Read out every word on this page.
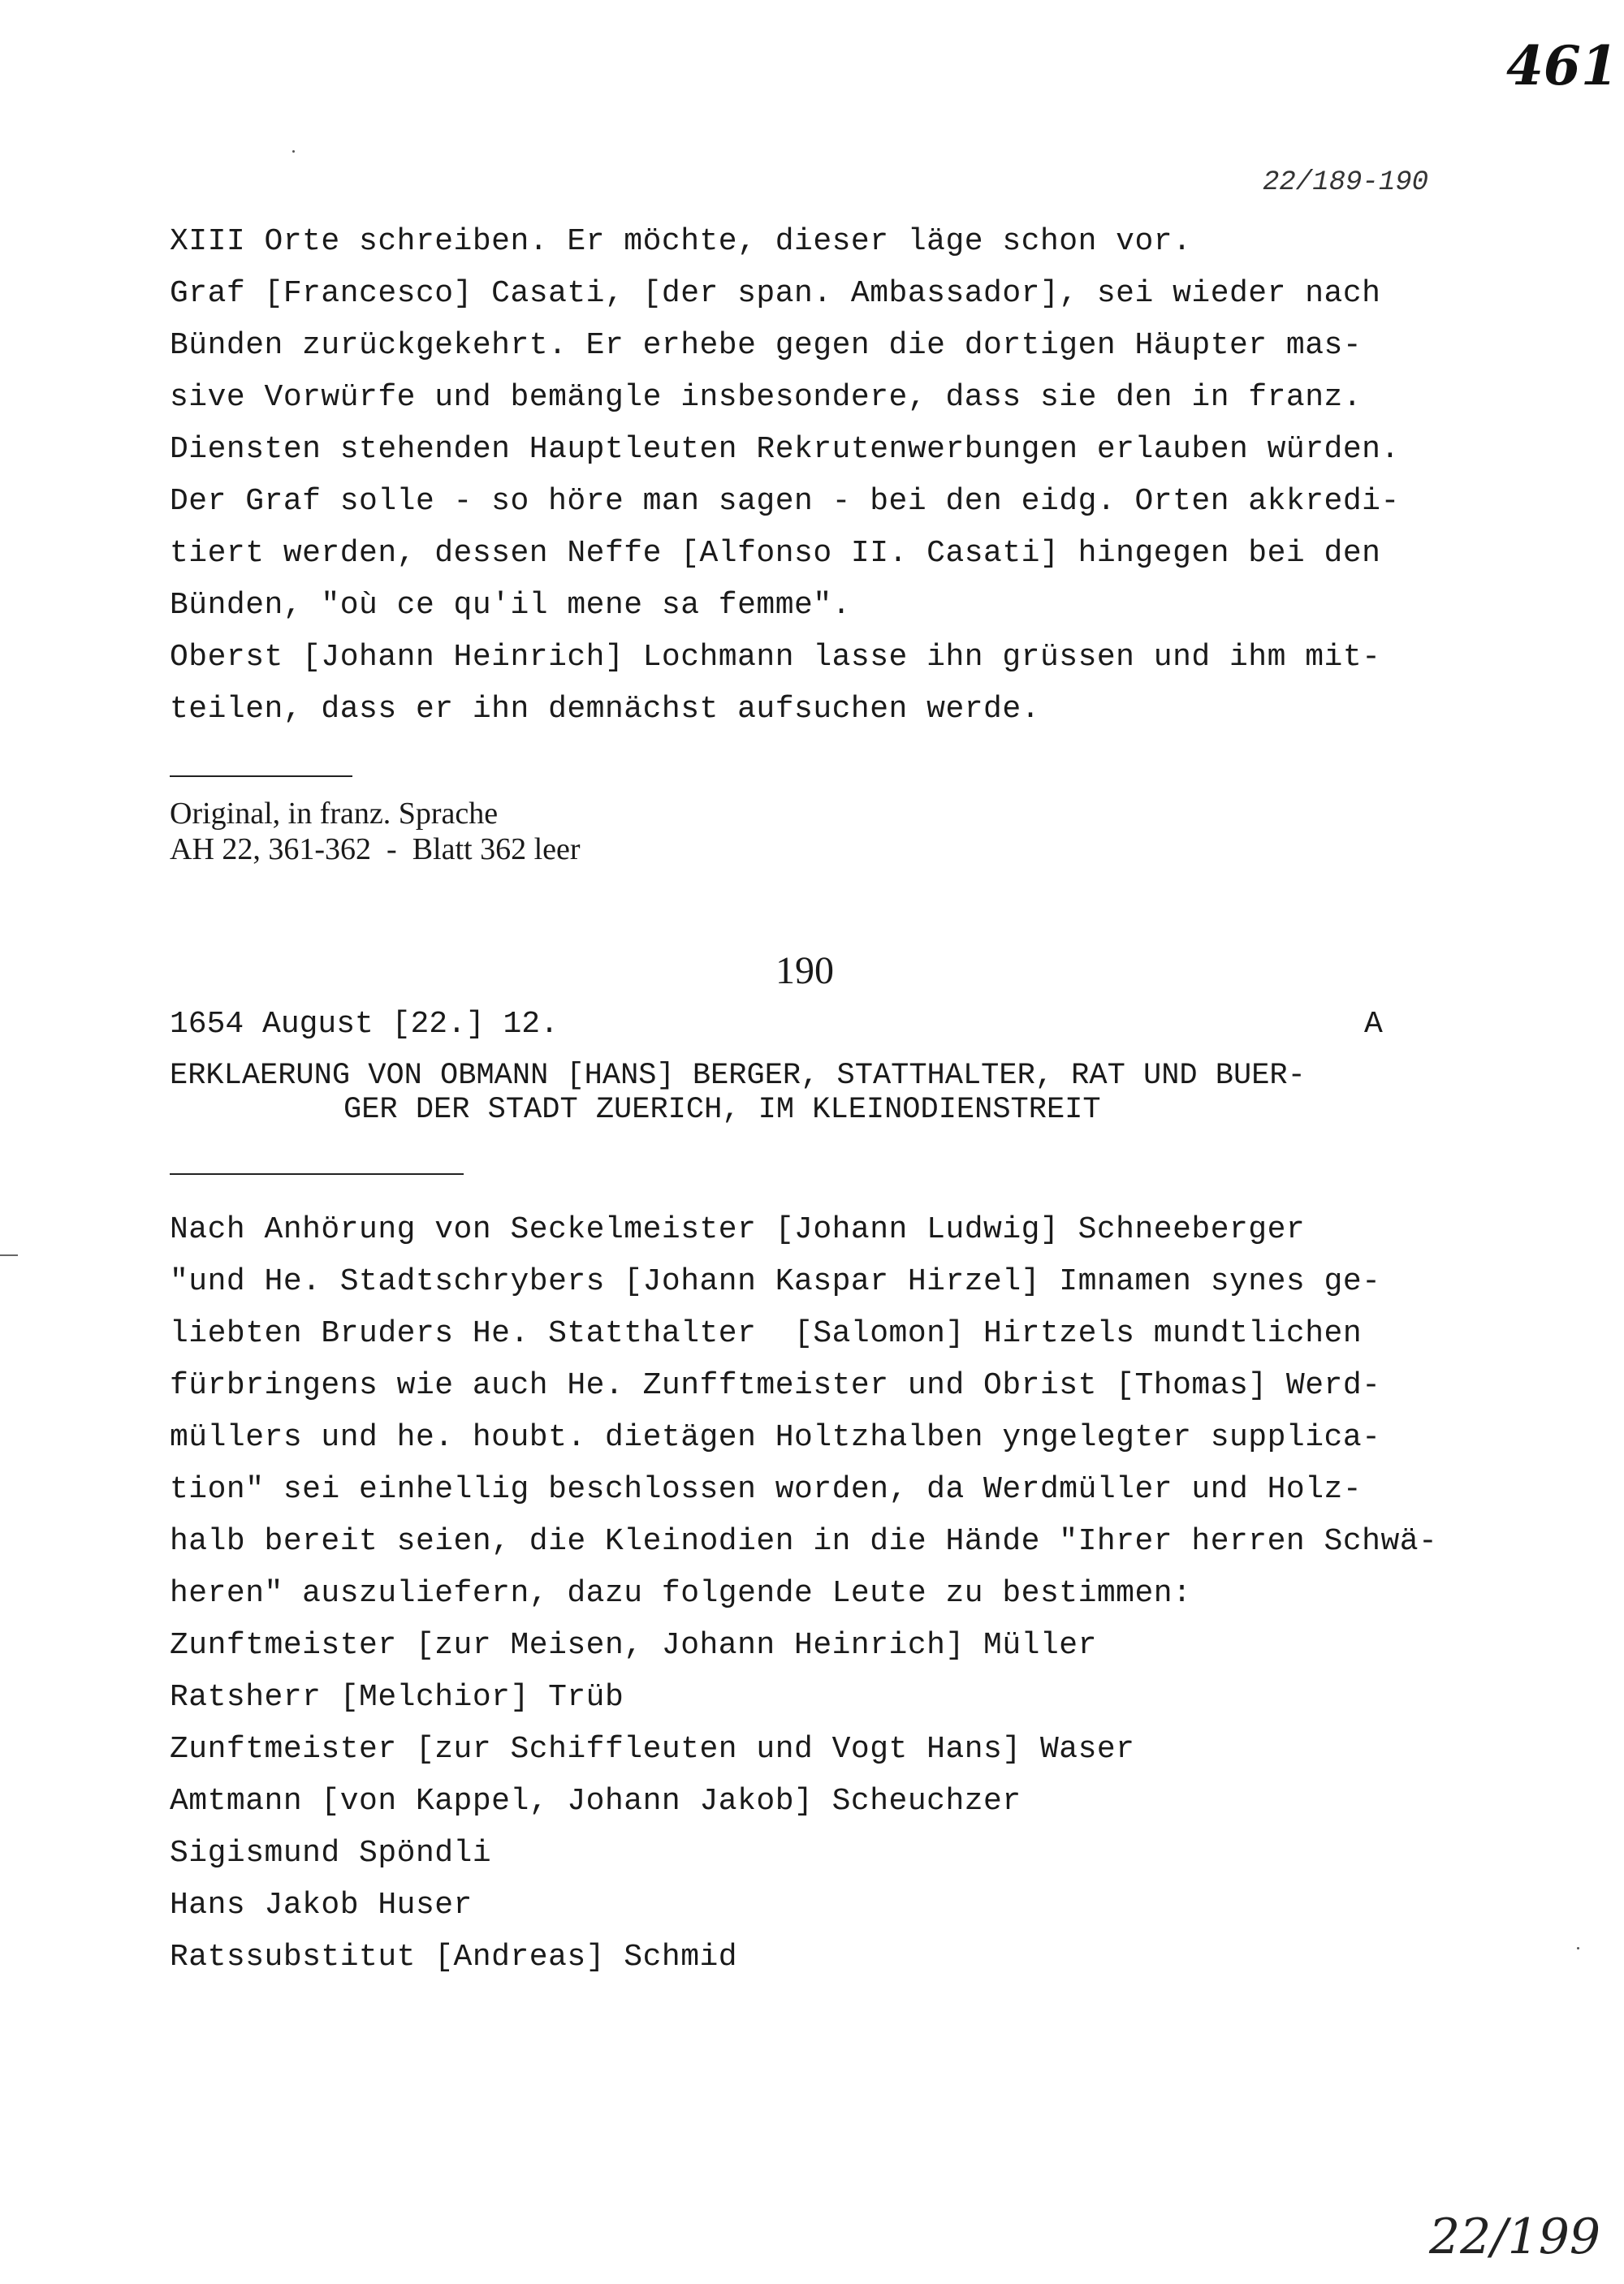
461
22/189-190
XIII Orte schreiben. Er möchte, dieser läge schon vor.
Graf [Francesco] Casati, [der span. Ambassador], sei wieder nach
Bünden zurückgekehrt. Er erhebe gegen die dortigen Häupter mas-
sive Vorwürfe und bemängle insbesondere, dass sie den in franz.
Diensten stehenden Hauptleuten Rekrutenwerbungen erlauben würden.
Der Graf solle - so höre man sagen - bei den eidg. Orten akkredi-
tiert werden, dessen Neffe [Alfonso II. Casati] hingegen bei den
Bünden, "où ce qu'il mene sa femme".
Oberst [Johann Heinrich] Lochmann lasse ihn grüssen und ihm mit-
teilen, dass er ihn demnächst aufsuchen werde.
Original, in franz. Sprache
AH 22, 361-362  -  Blatt 362 leer
190
1654 August [22.] 12.	A
ERKLAERUNG VON OBMANN [HANS] BERGER, STATTHALTER, RAT UND BUER-
GER DER STADT ZUERICH, IM KLEINODIENSTREIT
Nach Anhörung von Seckelmeister [Johann Ludwig] Schneeberger
"und He. Stadtschrybers [Johann Kaspar Hirzel] Imnamen synes ge-
liebten Bruders He. Statthalter  [Salomon] Hirtzels mundtlichen
fürbringens wie auch He. Zunfftmeister und Obrist [Thomas] Werd-
müllers und he. houbt. dietägen Holtzhalben yngelegter supplica-
tion" sei einhellig beschlossen worden, da Werdmüller und Holz-
halb bereit seien, die Kleinodien in die Hände "Ihrer herren Schwä-
heren" auszuliefern, dazu folgende Leute zu bestimmen:
Zunftmeister [zur Meisen, Johann Heinrich] Müller
Ratsherr [Melchior] Trüb
Zunftmeister [zur Schiffleuten und Vogt Hans] Waser
Amtmann [von Kappel, Johann Jakob] Scheuchzer
Sigismund Spöndli
Hans Jakob Huser
Ratssubstitut [Andreas] Schmid
22/199
